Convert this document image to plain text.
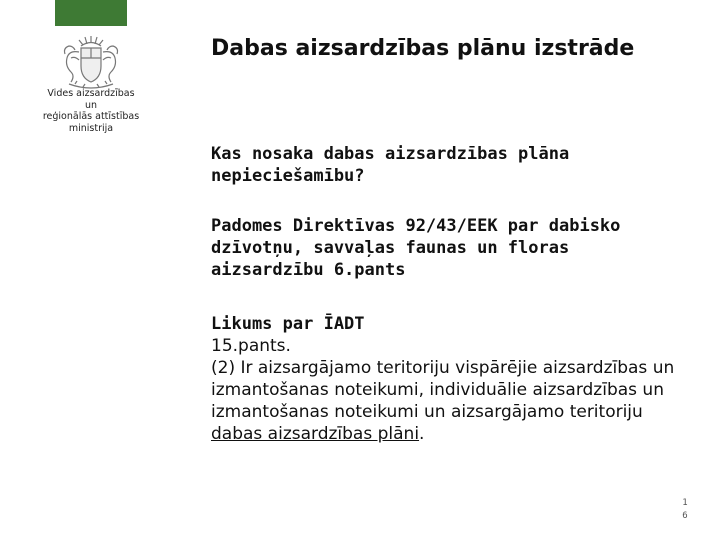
Vides aizsardzības un
reģionālās attīstības
ministrija
Dabas aizsardzības plānu izstrāde
Kas nosaka dabas aizsardzības plāna nepieciešamību?
Padomes Direktīvas 92/43/EEK par dabisko dzīvotņu, savvaļas faunas un floras aizsardzību 6.pants

Likums par ĪADT

15.pants.

(2) Ir aizsargājamo teritoriju vispārējie aizsardzības un izmantošanas noteikumi, individuālie aizsardzības un izmantošanas noteikumi un aizsargājamo teritoriju dabas aizsardzības plāni.

1
6
